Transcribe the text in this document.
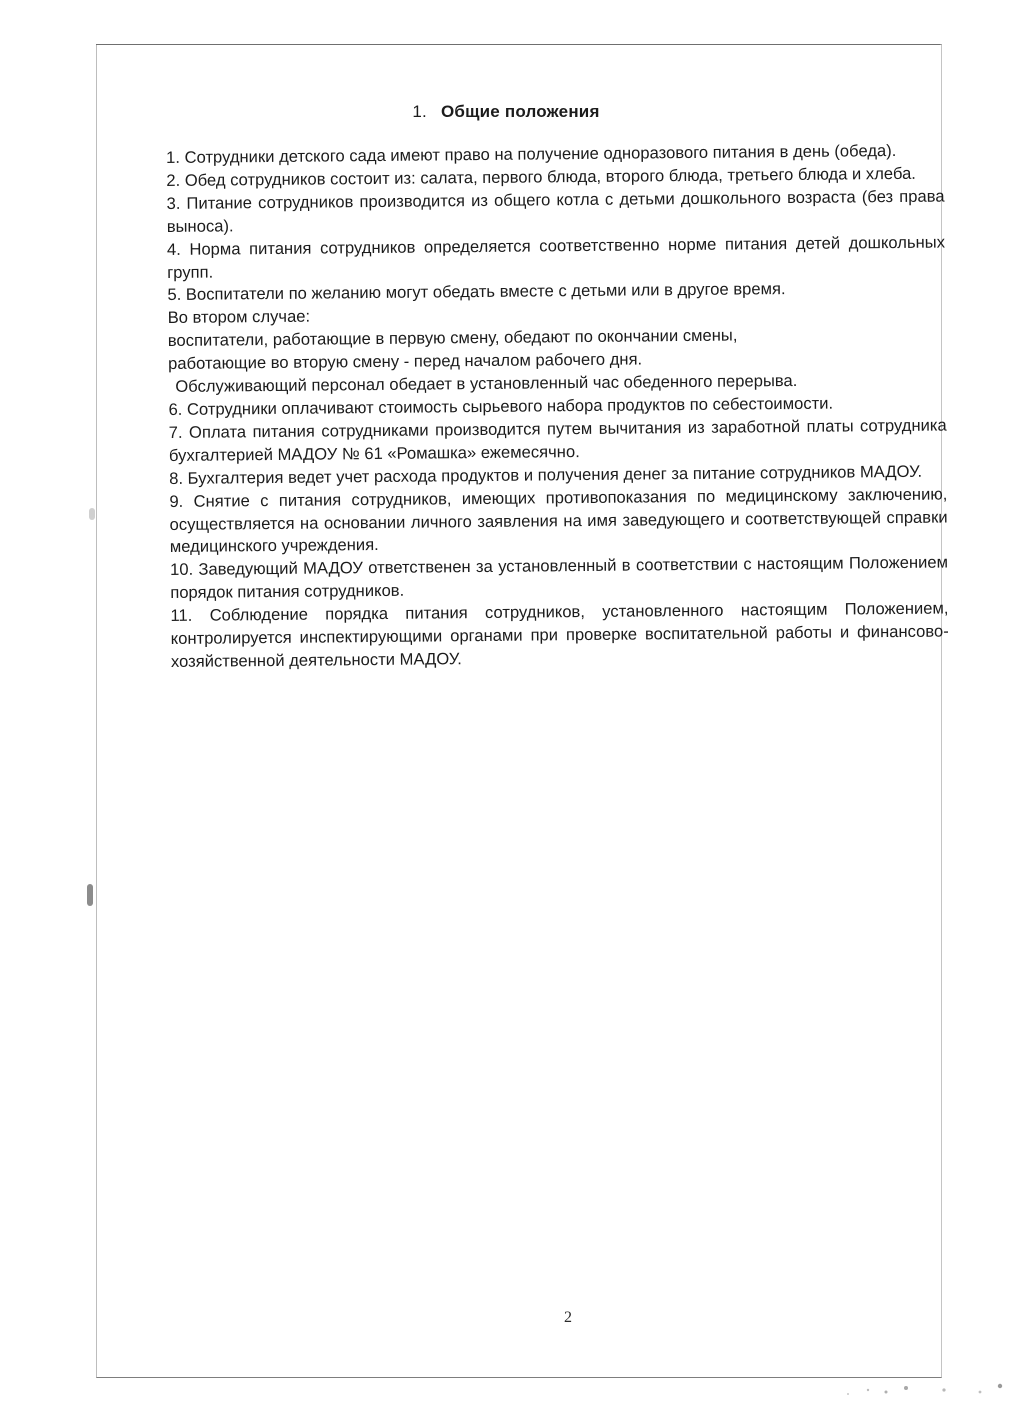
1. Общие положения

1. Сотрудники детского сада имеют право на получение одноразового питания в день (обеда).

2. Обед сотрудников состоит из: салата, первого блюда, второго блюда, третьего блюда и хлеба.

3. Питание сотрудников производится из общего котла с детьми дошкольного возраста (без права выноса).

4. Норма питания сотрудников определяется соответственно норме питания детей дошкольных групп.

5. Воспитатели по желанию могут обедать вместе с детьми или в другое время.

Во втором случае:

воспитатели, работающие в первую смену, обедают по окончании смены,

работающие во вторую смену - перед началом рабочего дня.

Обслуживающий персонал обедает в установленный час обеденного перерыва.

6. Сотрудники оплачивают стоимость сырьевого набора продуктов по себестоимости.

7. Оплата питания сотрудниками производится путем вычитания из заработной платы сотрудника бухгалтерией МАДОУ № 61 «Ромашка» ежемесячно.

8. Бухгалтерия ведет учет расхода продуктов и получения денег за питание сотрудников МАДОУ.

9. Снятие с питания сотрудников, имеющих противопоказания по медицинскому заключению, осуществляется на основании личного заявления на имя заведующего и соответствующей справки медицинского учреждения.

10. Заведующий МАДОУ ответственен за установленный в соответствии с настоящим Положением порядок питания сотрудников.

11. Соблюдение порядка питания сотрудников, установленного настоящим Положением, контролируется инспектирующими органами при проверке воспитательной работы и финансово-хозяйственной деятельности МАДОУ.

2
